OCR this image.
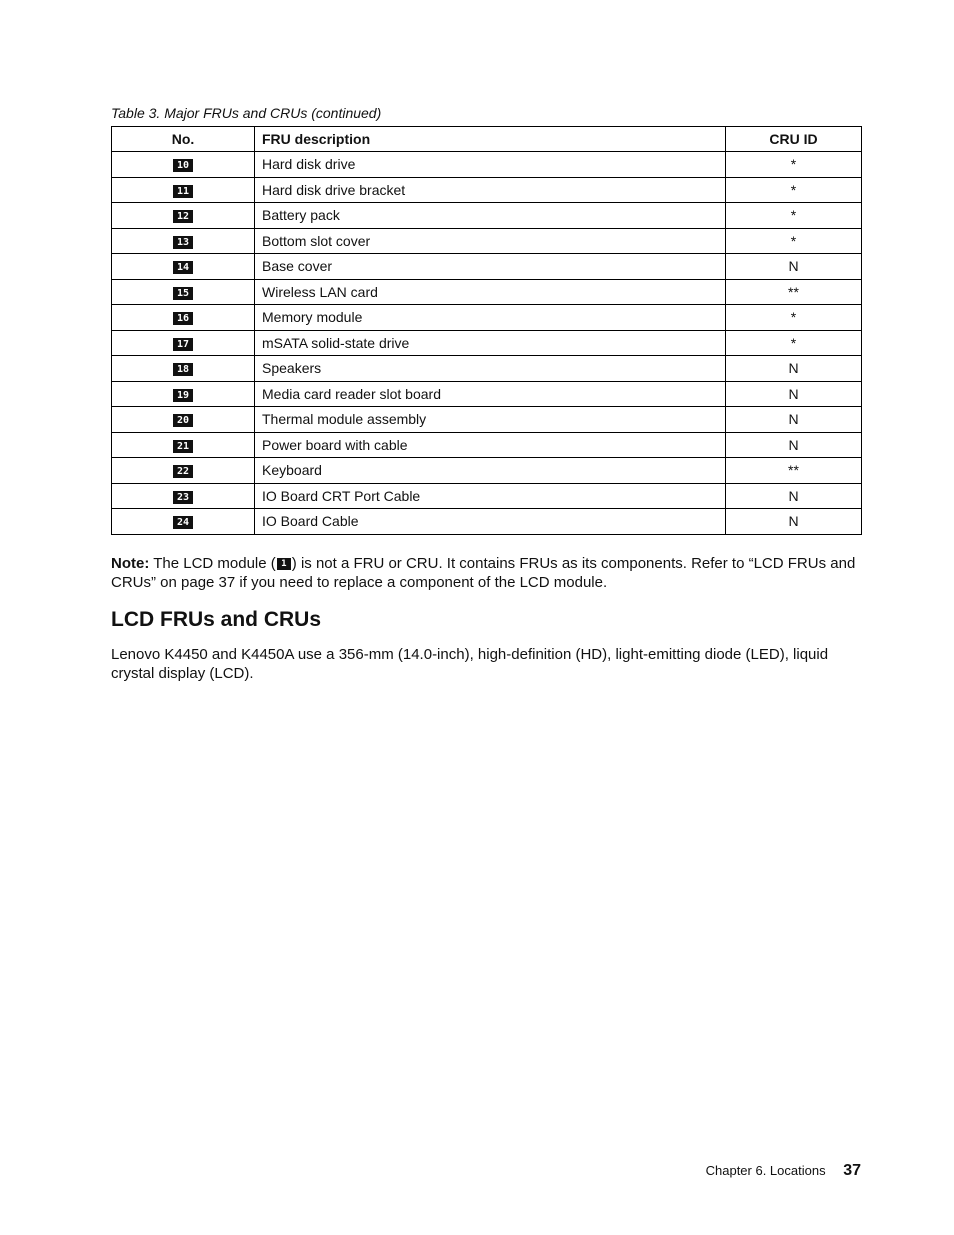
Table 3. Major FRUs and CRUs (continued)
No.	FRU description	CRU ID
10	Hard disk drive	*
11	Hard disk drive bracket	*
12	Battery pack	*
13	Bottom slot cover	*
14	Base cover	N
15	Wireless LAN card	**
16	Memory module	*
17	mSATA solid-state drive	*
18	Speakers	N
19	Media card reader slot board	N
20	Thermal module assembly	N
21	Power board with cable	N
22	Keyboard	**
23	IO Board CRT Port Cable	N
24	IO Board Cable	N
Note: The LCD module ( 1 ) is not a FRU or CRU. It contains FRUs as its components. Refer to “LCD FRUs and CRUs” on page 37 if you need to replace a component of the LCD module.
LCD FRUs and CRUs
Lenovo K4450 and K4450A use a 356-mm (14.0-inch), high-definition (HD), light-emitting diode (LED), liquid crystal display (LCD).
Chapter 6. Locations 37
